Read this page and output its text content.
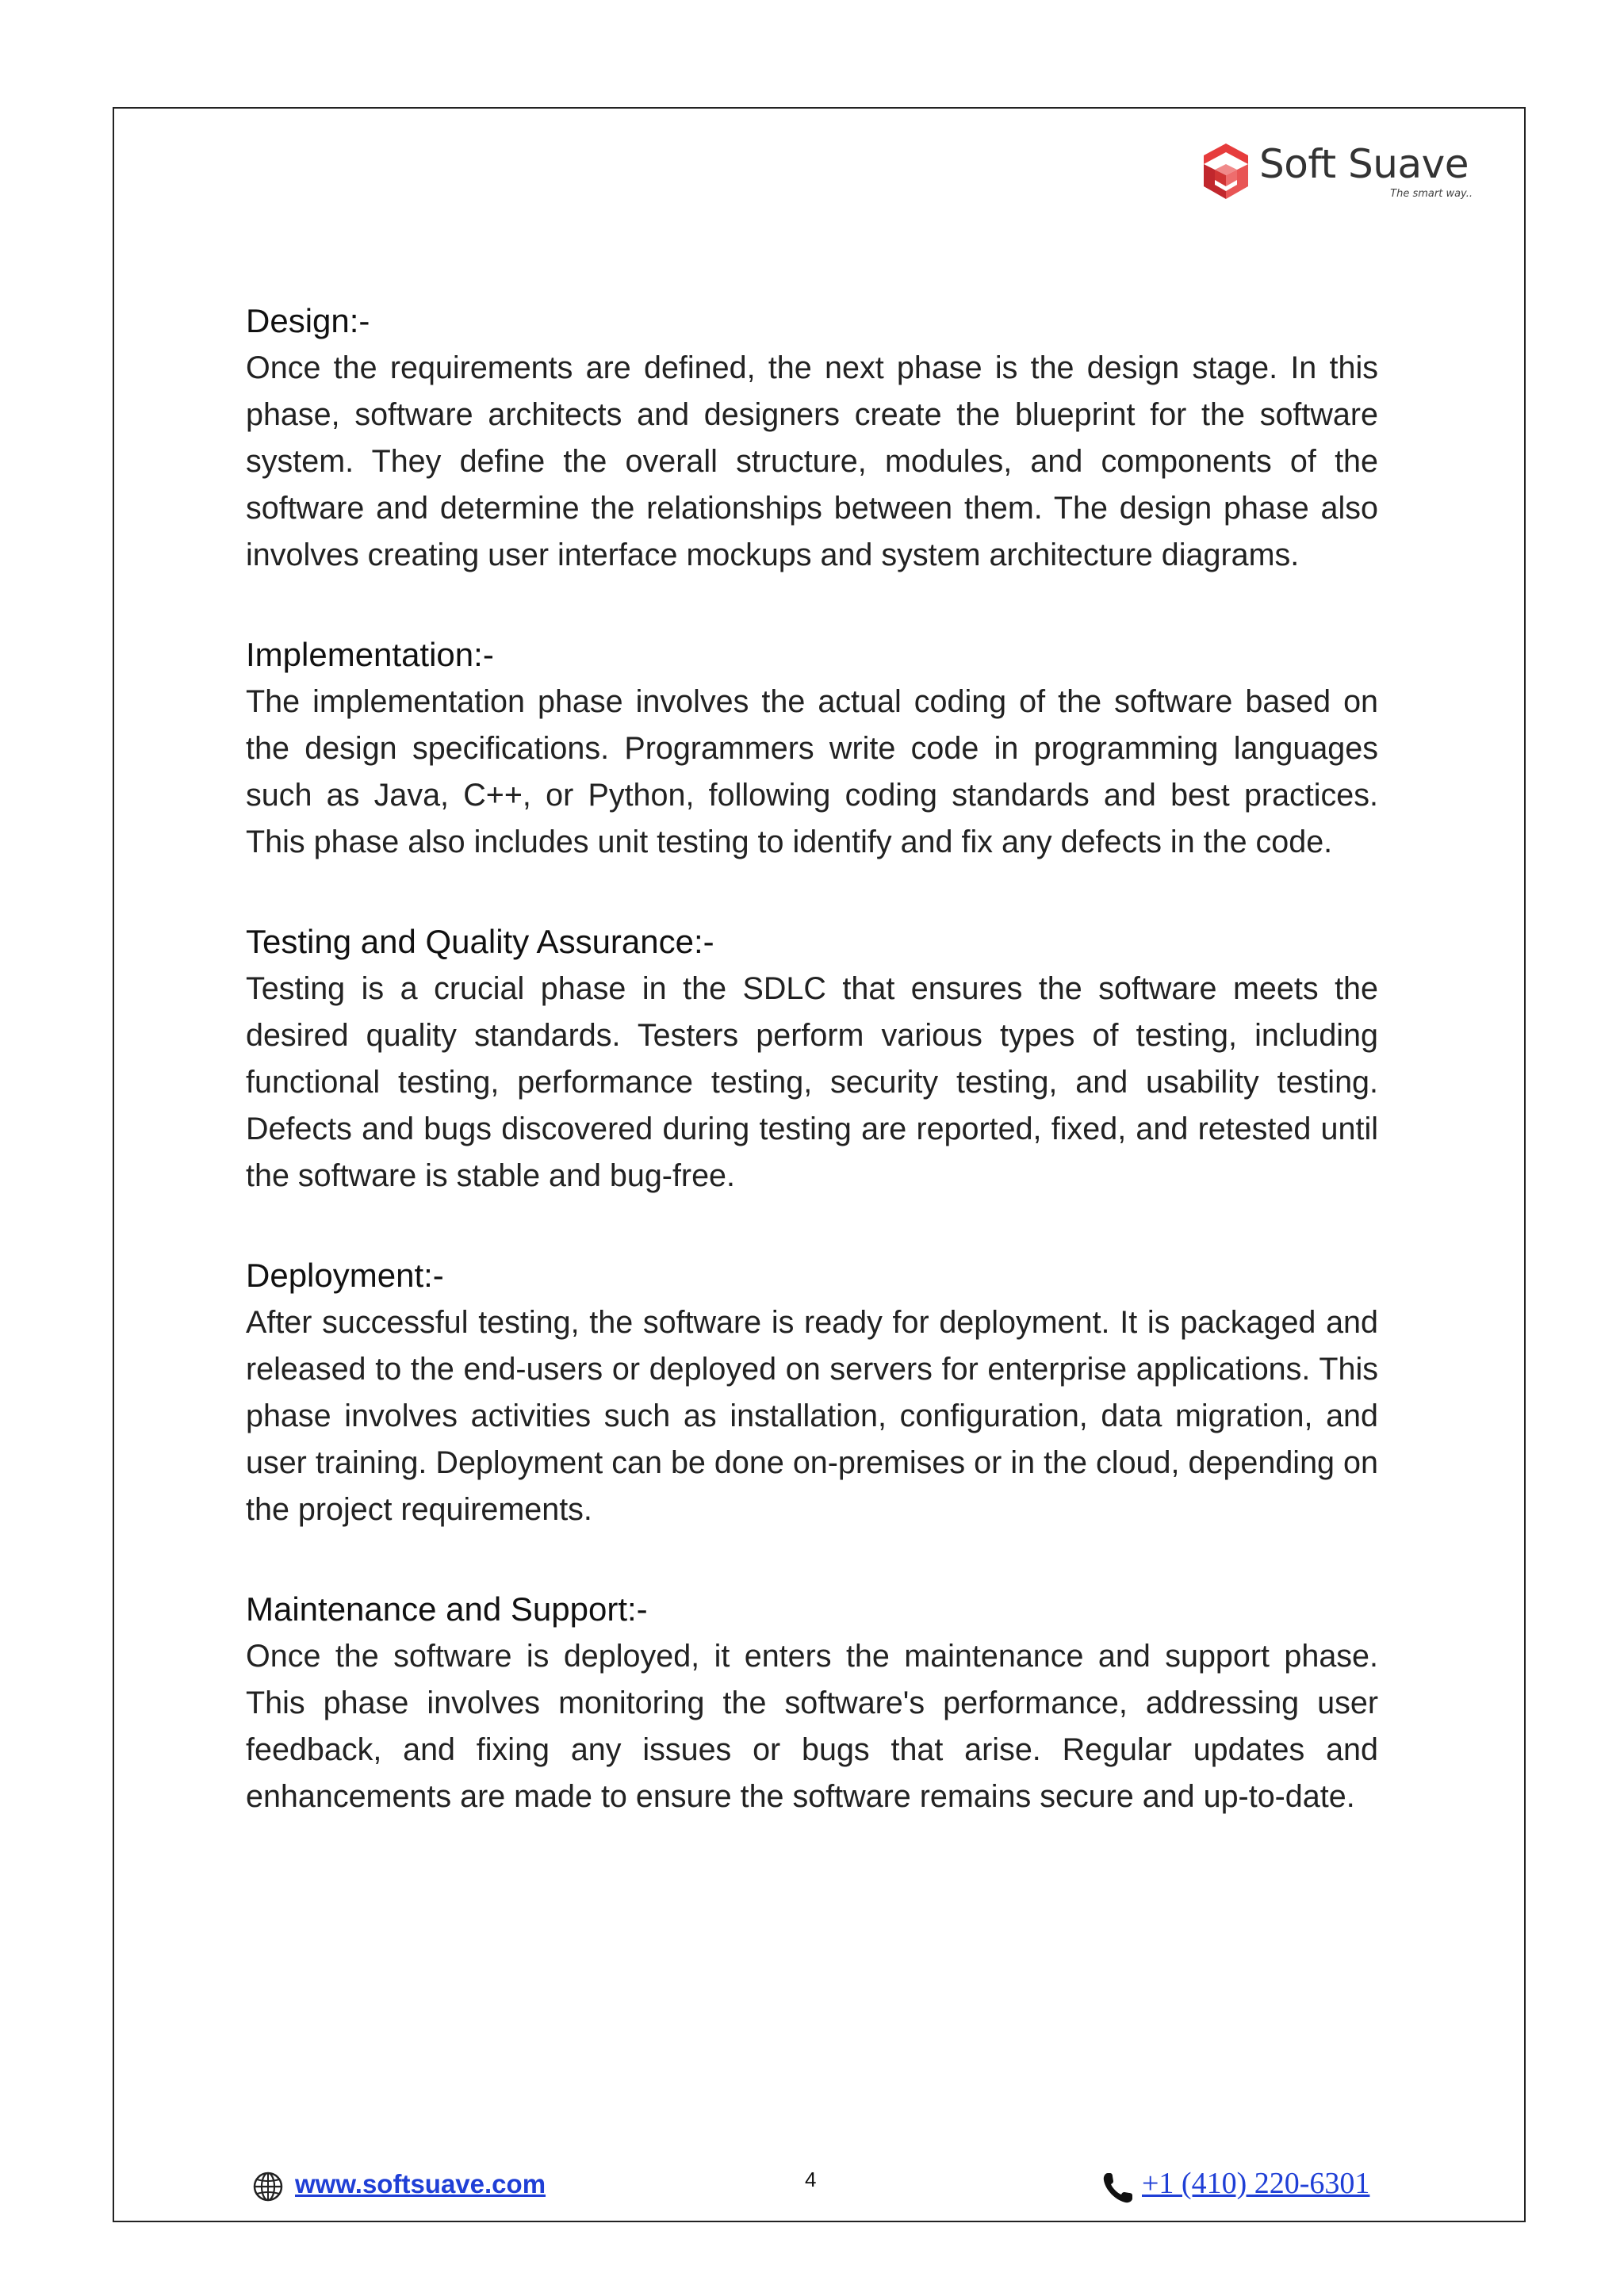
Soft Suave
The smart way..
Design:-

Once the requirements are defined, the next phase is the design stage. In this phase, software architects and designers create the blueprint for the software system. They define the overall structure, modules, and components of the software and determine the relationships between them. The design phase also involves creating user interface mockups and system architecture diagrams.

Implementation:-

The implementation phase involves the actual coding of the software based on the design specifications. Programmers write code in programming languages such as Java, C++, or Python, following coding standards and best practices. This phase also includes unit testing to identify and fix any defects in the code.

Testing and Quality Assurance:-

Testing is a crucial phase in the SDLC that ensures the software meets the desired quality standards. Testers perform various types of testing, including functional testing, performance testing, security testing, and usability testing. Defects and bugs discovered during testing are reported, fixed, and retested until the software is stable and bug-free.

Deployment:-

After successful testing, the software is ready for deployment. It is packaged and released to the end-users or deployed on servers for enterprise applications. This phase involves activities such as installation, configuration, data migration, and user training. Deployment can be done on-premises or in the cloud, depending on the project requirements.

Maintenance and Support:-

Once the software is deployed, it enters the maintenance and support phase. This phase involves monitoring the software's performance, addressing user feedback, and fixing any issues or bugs that arise. Regular updates and enhancements are made to ensure the software remains secure and up-to-date.

www.softsuave.com	4	+1 (410) 220-6301
